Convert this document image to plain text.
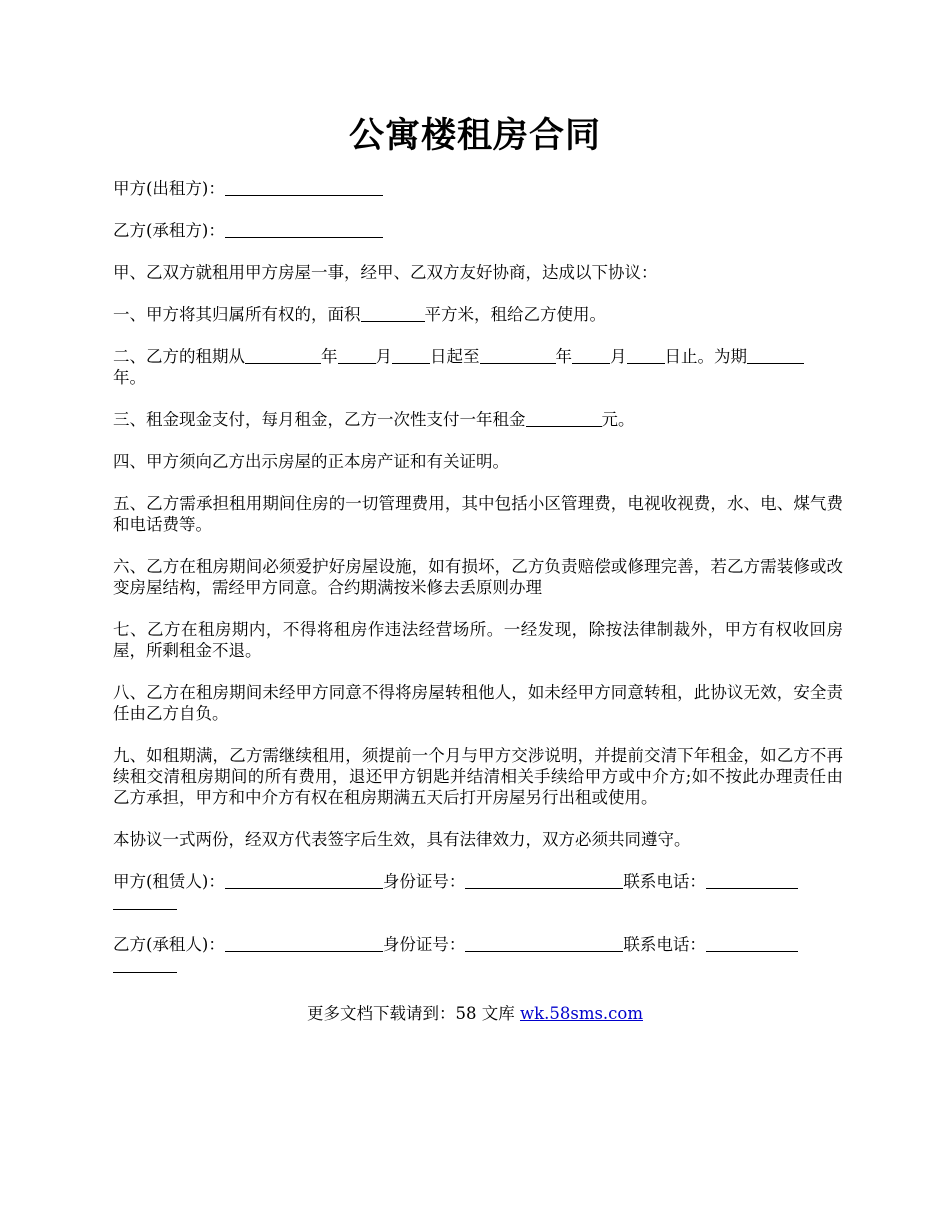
公寓楼租房合同

甲方(出租方)：

乙方(承租方)：

甲、乙双方就租用甲方房屋一事，经甲、乙双方友好协商，达成以下协议：

一、甲方将其归属所有权的，面积	平方米，租给乙方使用。

二、乙方的租期从	年 月 日起至	年 月 日止。为期
年。

三、租金现金支付，每月租金，乙方一次性支付一年租金	元。

四、甲方须向乙方出示房屋的正本房产证和有关证明。

五、乙方需承担租用期间住房的一切管理费用，其中包括小区管理费，电视收视费，水、电、煤气费和电话费等。

六、乙方在租房期间必须爱护好房屋设施，如有损坏，乙方负责赔偿或修理完善，若乙方需装修或改变房屋结构，需经甲方同意。合约期满按米修去丢原则办理

七、乙方在租房期内，不得将租房作违法经营场所。一经发现，除按法律制裁外，甲方有权收回房屋，所剩租金不退。

八、乙方在租房期间未经甲方同意不得将房屋转租他人，如未经甲方同意转租，此协议无效，安全责任由乙方自负。

九、如租期满，乙方需继续租用，须提前一个月与甲方交涉说明，并提前交清下年租金，如乙方不再续租交清租房期间的所有费用，退还甲方钥匙并结清相关手续给甲方或中介方;如不按此办理责任由乙方承担，甲方和中介方有权在租房期满五天后打开房屋另行出租或使用。

本协议一式两份，经双方代表签字后生效，具有法律效力，双方必须共同遵守。

甲方(租赁人)：	身份证号：	联系电话：

乙方(承租人)：	身份证号：	联系电话：

更多文档下载请到：58 文库 wk.58sms.com
